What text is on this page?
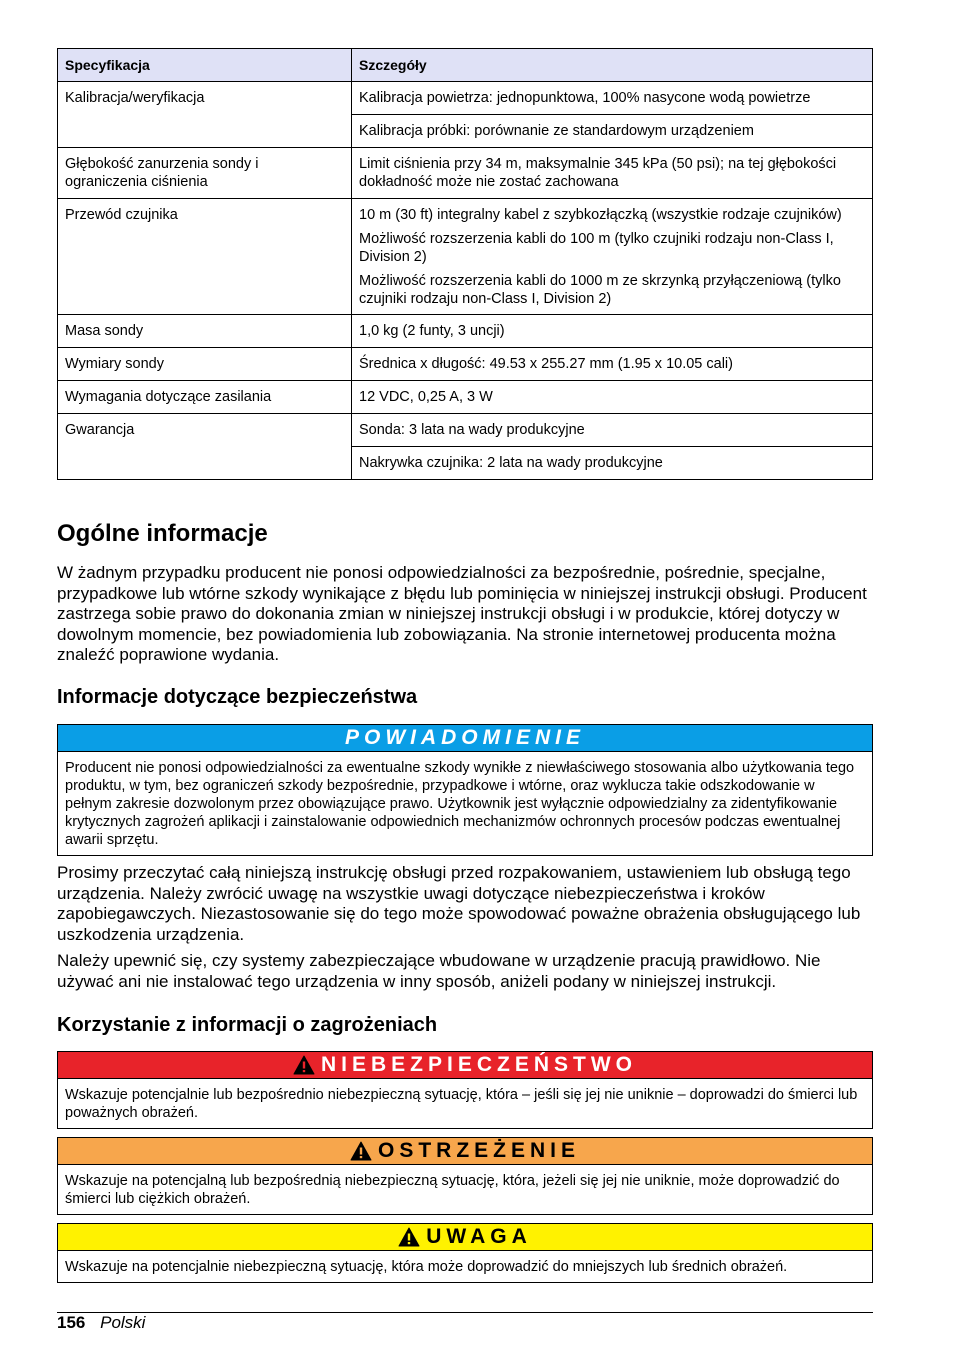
Specyfikacja	Szczegóły
Kalibracja/weryfikacja	Kalibracja powietrza: jednopunktowa, 100% nasycone wodą powietrze
Kalibracja próbki: porównanie ze standardowym urządzeniem

Głębokość zanurzenia sondy i ograniczenia ciśnienia	Limit ciśnienia przy 34 m, maksymalnie 345 kPa (50 psi); na tej głębokości dokładność może nie zostać zachowana
Przewód czujnika	10 m (30 ft) integralny kabel z szybkozłączką (wszystkie rodzaje czujników)

Możliwość rozszerzenia kabli do 100 m (tylko czujniki rodzaju non-Class I, Division 2)

Możliwość rozszerzenia kabli do 1000 m ze skrzynką przyłączeniową (tylko czujniki rodzaju non-Class I, Division 2)

Masa sondy	1,0 kg (2 funty, 3 uncji)
Wymiary sondy	Średnica x długość: 49.53 x 255.27 mm (1.95 x 10.05 cali)
Wymagania dotyczące zasilania	12 VDC, 0,25 A, 3 W
Gwarancja	Sonda: 3 lata na wady produkcyjne
Nakrywka czujnika: 2 lata na wady produkcyjne
Ogólne informacje
W żadnym przypadku producent nie ponosi odpowiedzialności za bezpośrednie, pośrednie, specjalne, przypadkowe lub wtórne szkody wynikające z błędu lub pominięcia w niniejszej instrukcji obsługi. Producent zastrzega sobie prawo do dokonania zmian w niniejszej instrukcji obsługi i w produkcie, której dotyczy w dowolnym momencie, bez powiadomienia lub zobowiązania. Na stronie internetowej producenta można znaleźć poprawione wydania.
Informacje dotyczące bezpieczeństwa
POWIADOMIENIE
Producent nie ponosi odpowiedzialności za ewentualne szkody wynikłe z niewłaściwego stosowania albo użytkowania tego produktu, w tym, bez ograniczeń szkody bezpośrednie, przypadkowe i wtórne, oraz wyklucza takie odszkodowanie w pełnym zakresie dozwolonym przez obowiązujące prawo. Użytkownik jest wyłącznie odpowiedzialny za zidentyfikowanie krytycznych zagrożeń aplikacji i zainstalowanie odpowiednich mechanizmów ochronnych procesów podczas ewentualnej awarii sprzętu.
Prosimy przeczytać całą niniejszą instrukcję obsługi przed rozpakowaniem, ustawieniem lub obsługą tego urządzenia. Należy zwrócić uwagę na wszystkie uwagi dotyczące niebezpieczeństwa i kroków zapobiegawczych. Niezastosowanie się do tego może spowodować poważne obrażenia obsługującego lub uszkodzenia urządzenia.
Należy upewnić się, czy systemy zabezpieczające wbudowane w urządzenie pracują prawidłowo. Nie używać ani nie instalować tego urządzenia w inny sposób, aniżeli podany w niniejszej instrukcji.
Korzystanie z informacji o zagrożeniach
NIEBEZPIECZEŃSTWO
Wskazuje potencjalnie lub bezpośrednio niebezpieczną sytuację, która – jeśli się jej nie uniknie – doprowadzi do śmierci lub poważnych obrażeń.
OSTRZEŻENIE
Wskazuje na potencjalną lub bezpośrednią niebezpieczną sytuację, która, jeżeli się jej nie uniknie, może doprowadzić do śmierci lub ciężkich obrażeń.
UWAGA
Wskazuje na potencjalnie niebezpieczną sytuację, która może doprowadzić do mniejszych lub średnich obrażeń.
156 Polski
